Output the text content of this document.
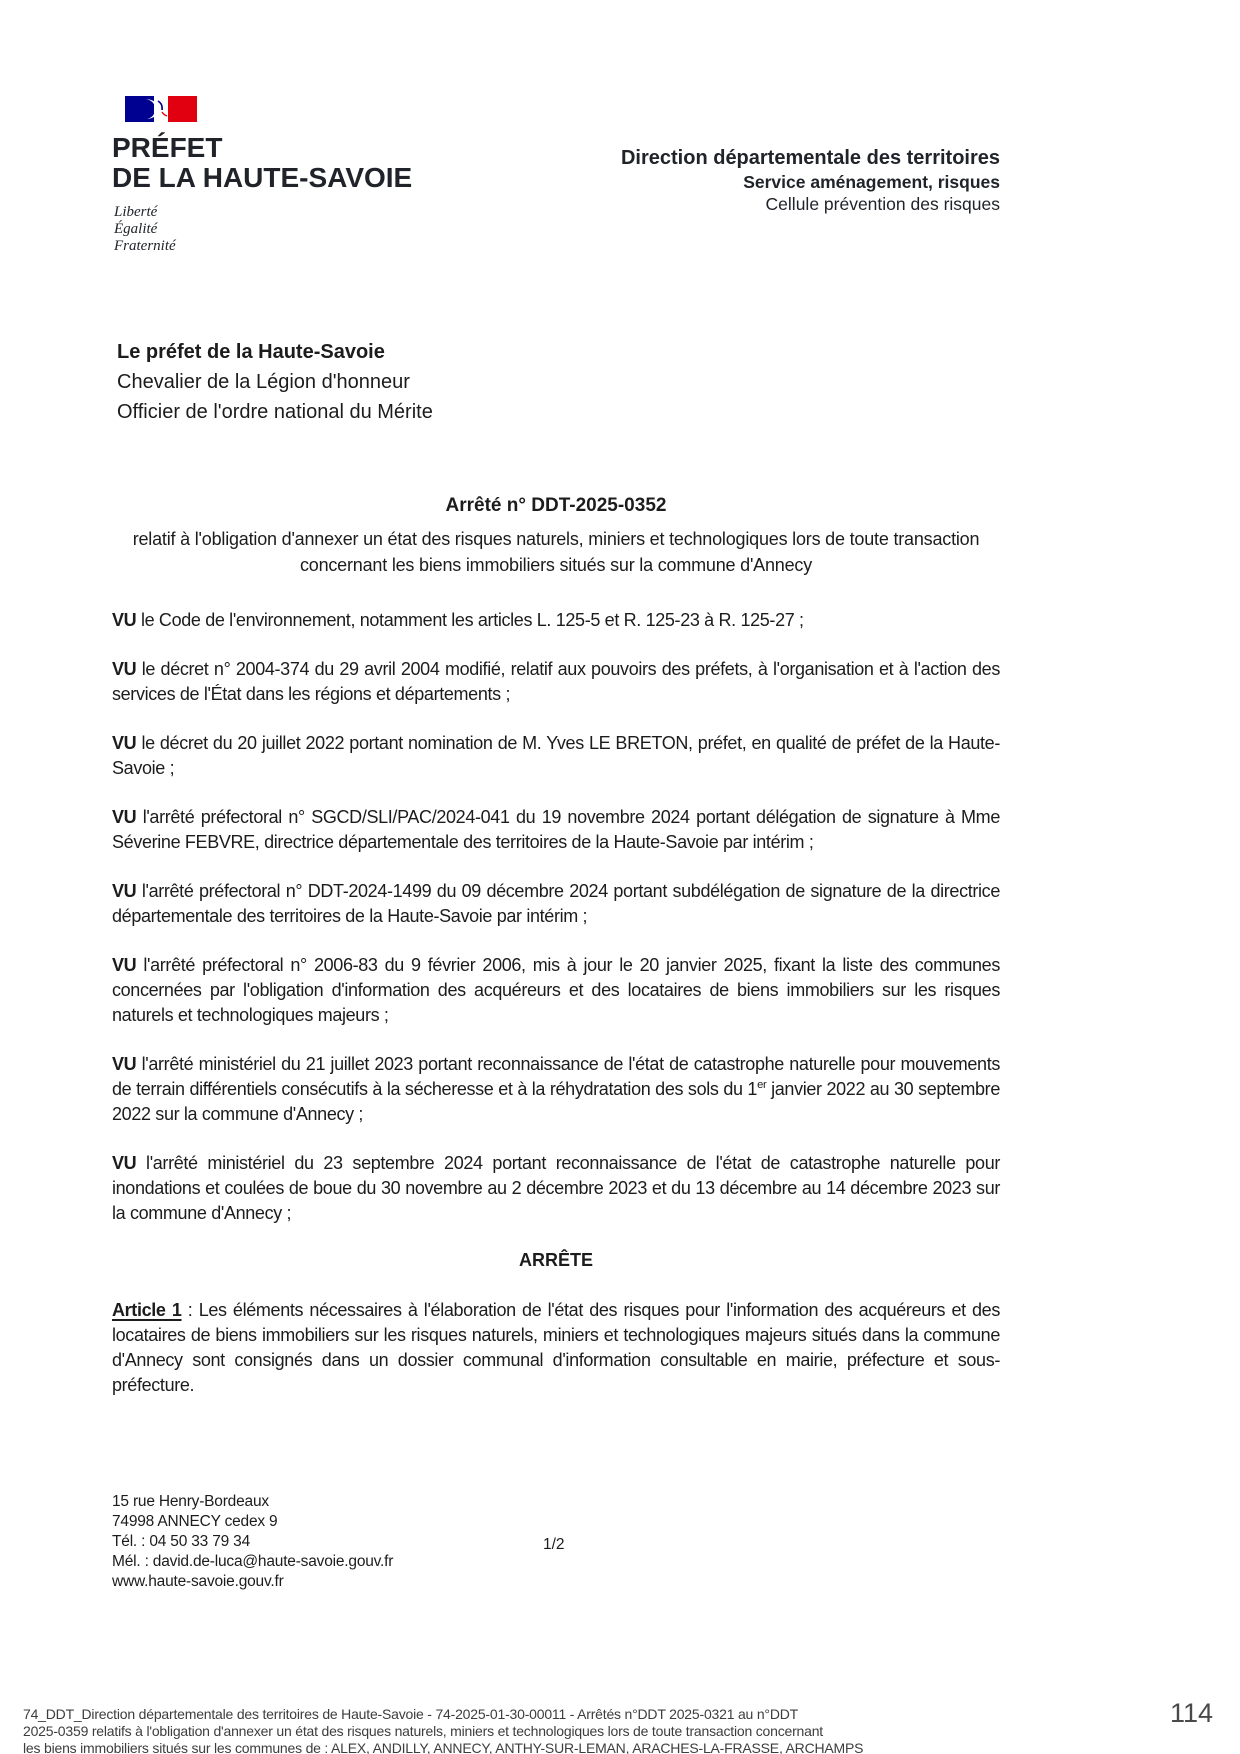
PRÉFET
DE LA HAUTE-SAVOIE
Liberté
Égalité
Fraternité
Direction départementale des territoires
Service aménagement, risques
Cellule prévention des risques
Le préfet de la Haute-Savoie
Chevalier de la Légion d'honneur
Officier de l'ordre national du Mérite
Arrêté n° DDT-2025-0352
relatif à l'obligation d'annexer un état des risques naturels, miniers et technologiques lors de toute transaction concernant les biens immobiliers situés sur la commune d'Annecy

VU le Code de l'environnement, notamment les articles L. 125-5 et R. 125-23 à R. 125-27 ;

VU le décret n° 2004-374 du 29 avril 2004 modifié, relatif aux pouvoirs des préfets, à l'organisation et à l'action des services de l'État dans les régions et départements ;

VU le décret du 20 juillet 2022 portant nomination de M. Yves LE BRETON, préfet, en qualité de préfet de la Haute-Savoie ;

VU l'arrêté préfectoral n° SGCD/SLI/PAC/2024-041 du 19 novembre 2024 portant délégation de signature à Mme Séverine FEBVRE, directrice départementale des territoires de la Haute-Savoie par intérim ;

VU l'arrêté préfectoral n° DDT-2024-1499 du 09 décembre 2024 portant subdélégation de signature de la directrice départementale des territoires de la Haute-Savoie par intérim ;

VU l'arrêté préfectoral n° 2006-83 du 9 février 2006, mis à jour le 20 janvier 2025, fixant la liste des communes concernées par l'obligation d'information des acquéreurs et des locataires de biens immobiliers sur les risques naturels et technologiques majeurs ;

VU l'arrêté ministériel du 21 juillet 2023 portant reconnaissance de l'état de catastrophe naturelle pour mouvements de terrain différentiels consécutifs à la sécheresse et à la réhydratation des sols du 1er janvier 2022 au 30 septembre 2022 sur la commune d'Annecy ;

VU l'arrêté ministériel du 23 septembre 2024 portant reconnaissance de l'état de catastrophe naturelle pour inondations et coulées de boue du 30 novembre au 2 décembre 2023 et du 13 décembre au 14 décembre 2023 sur la commune d'Annecy ;

ARRÊTE

Article 1 : Les éléments nécessaires à l'élaboration de l'état des risques pour l'information des acquéreurs et des locataires de biens immobiliers sur les risques naturels, miniers et technologiques majeurs situés dans la commune d'Annecy sont consignés dans un dossier communal d'information consultable en mairie, préfecture et sous-préfecture.

15 rue Henry-Bordeaux
74998 ANNECY cedex 9
Tél. : 04 50 33 79 34
Mél. : david.de-luca@haute-savoie.gouv.fr
www.haute-savoie.gouv.fr
1/2
74_DDT_Direction départementale des territoires de Haute-Savoie - 74-2025-01-30-00011 - Arrêtés n°DDT 2025-0321 au n°DDT
2025-0359 relatifs à l'obligation d'annexer un état des risques naturels, miniers et technologiques lors de toute transaction concernant
les biens immobiliers situés sur les communes de : ALEX, ANDILLY, ANNECY, ANTHY-SUR-LEMAN, ARACHES-LA-FRASSE, ARCHAMPS
114
